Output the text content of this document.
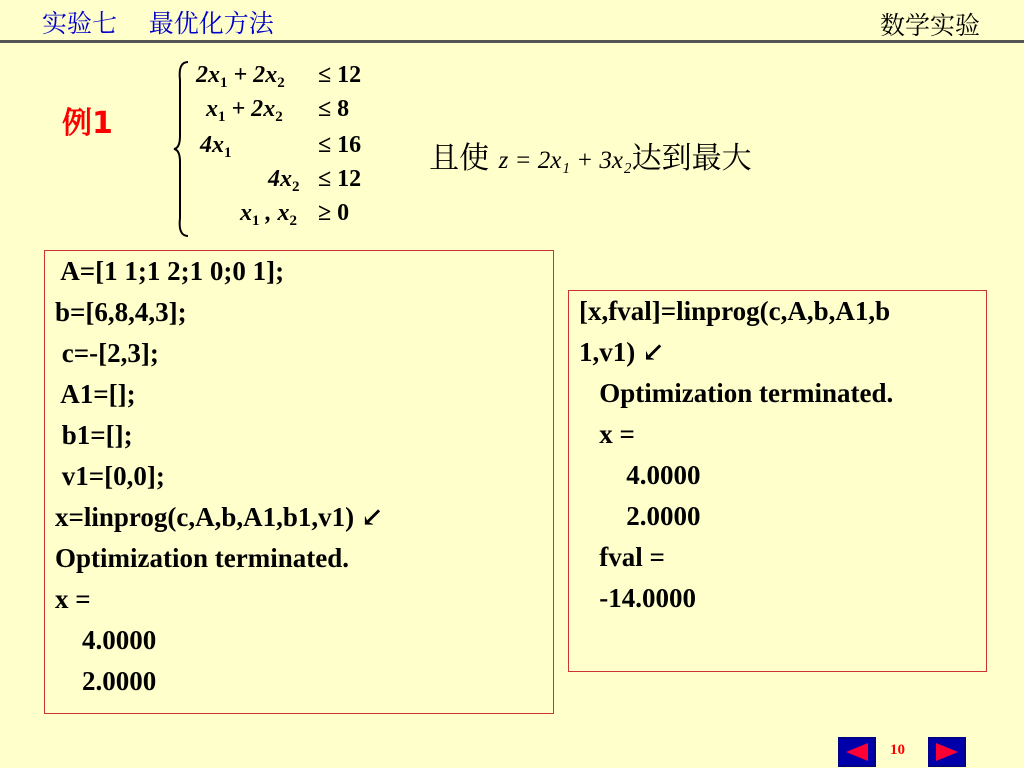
实验七    最优化方法	数学实验
例1
$2x_1 + 2x_2 \le 12$
$x_1 + 2x_2 \le 8$
$4x_1$	≤ 16
$4x_2 \le 12$
$x_1$ , $x_2 \ge 0$

且使 z = 2x₁ + 3x₂达到最大

A=[1 1;1 2;1 0;0 1];
b=[6,8,4,3];
c=-[2,3];
A1=[];
b1=[];
v1=[0,0];
x=linprog(c,A,b,A1,b1,v1) ↙
Optimization terminated.
x =
4.0000
2.0000
[x,fval]=linprog(c,A,b,A1,b
1,v1) ↙
Optimization terminated.
x =
4.0000
2.0000
fval =
-14.0000
10
